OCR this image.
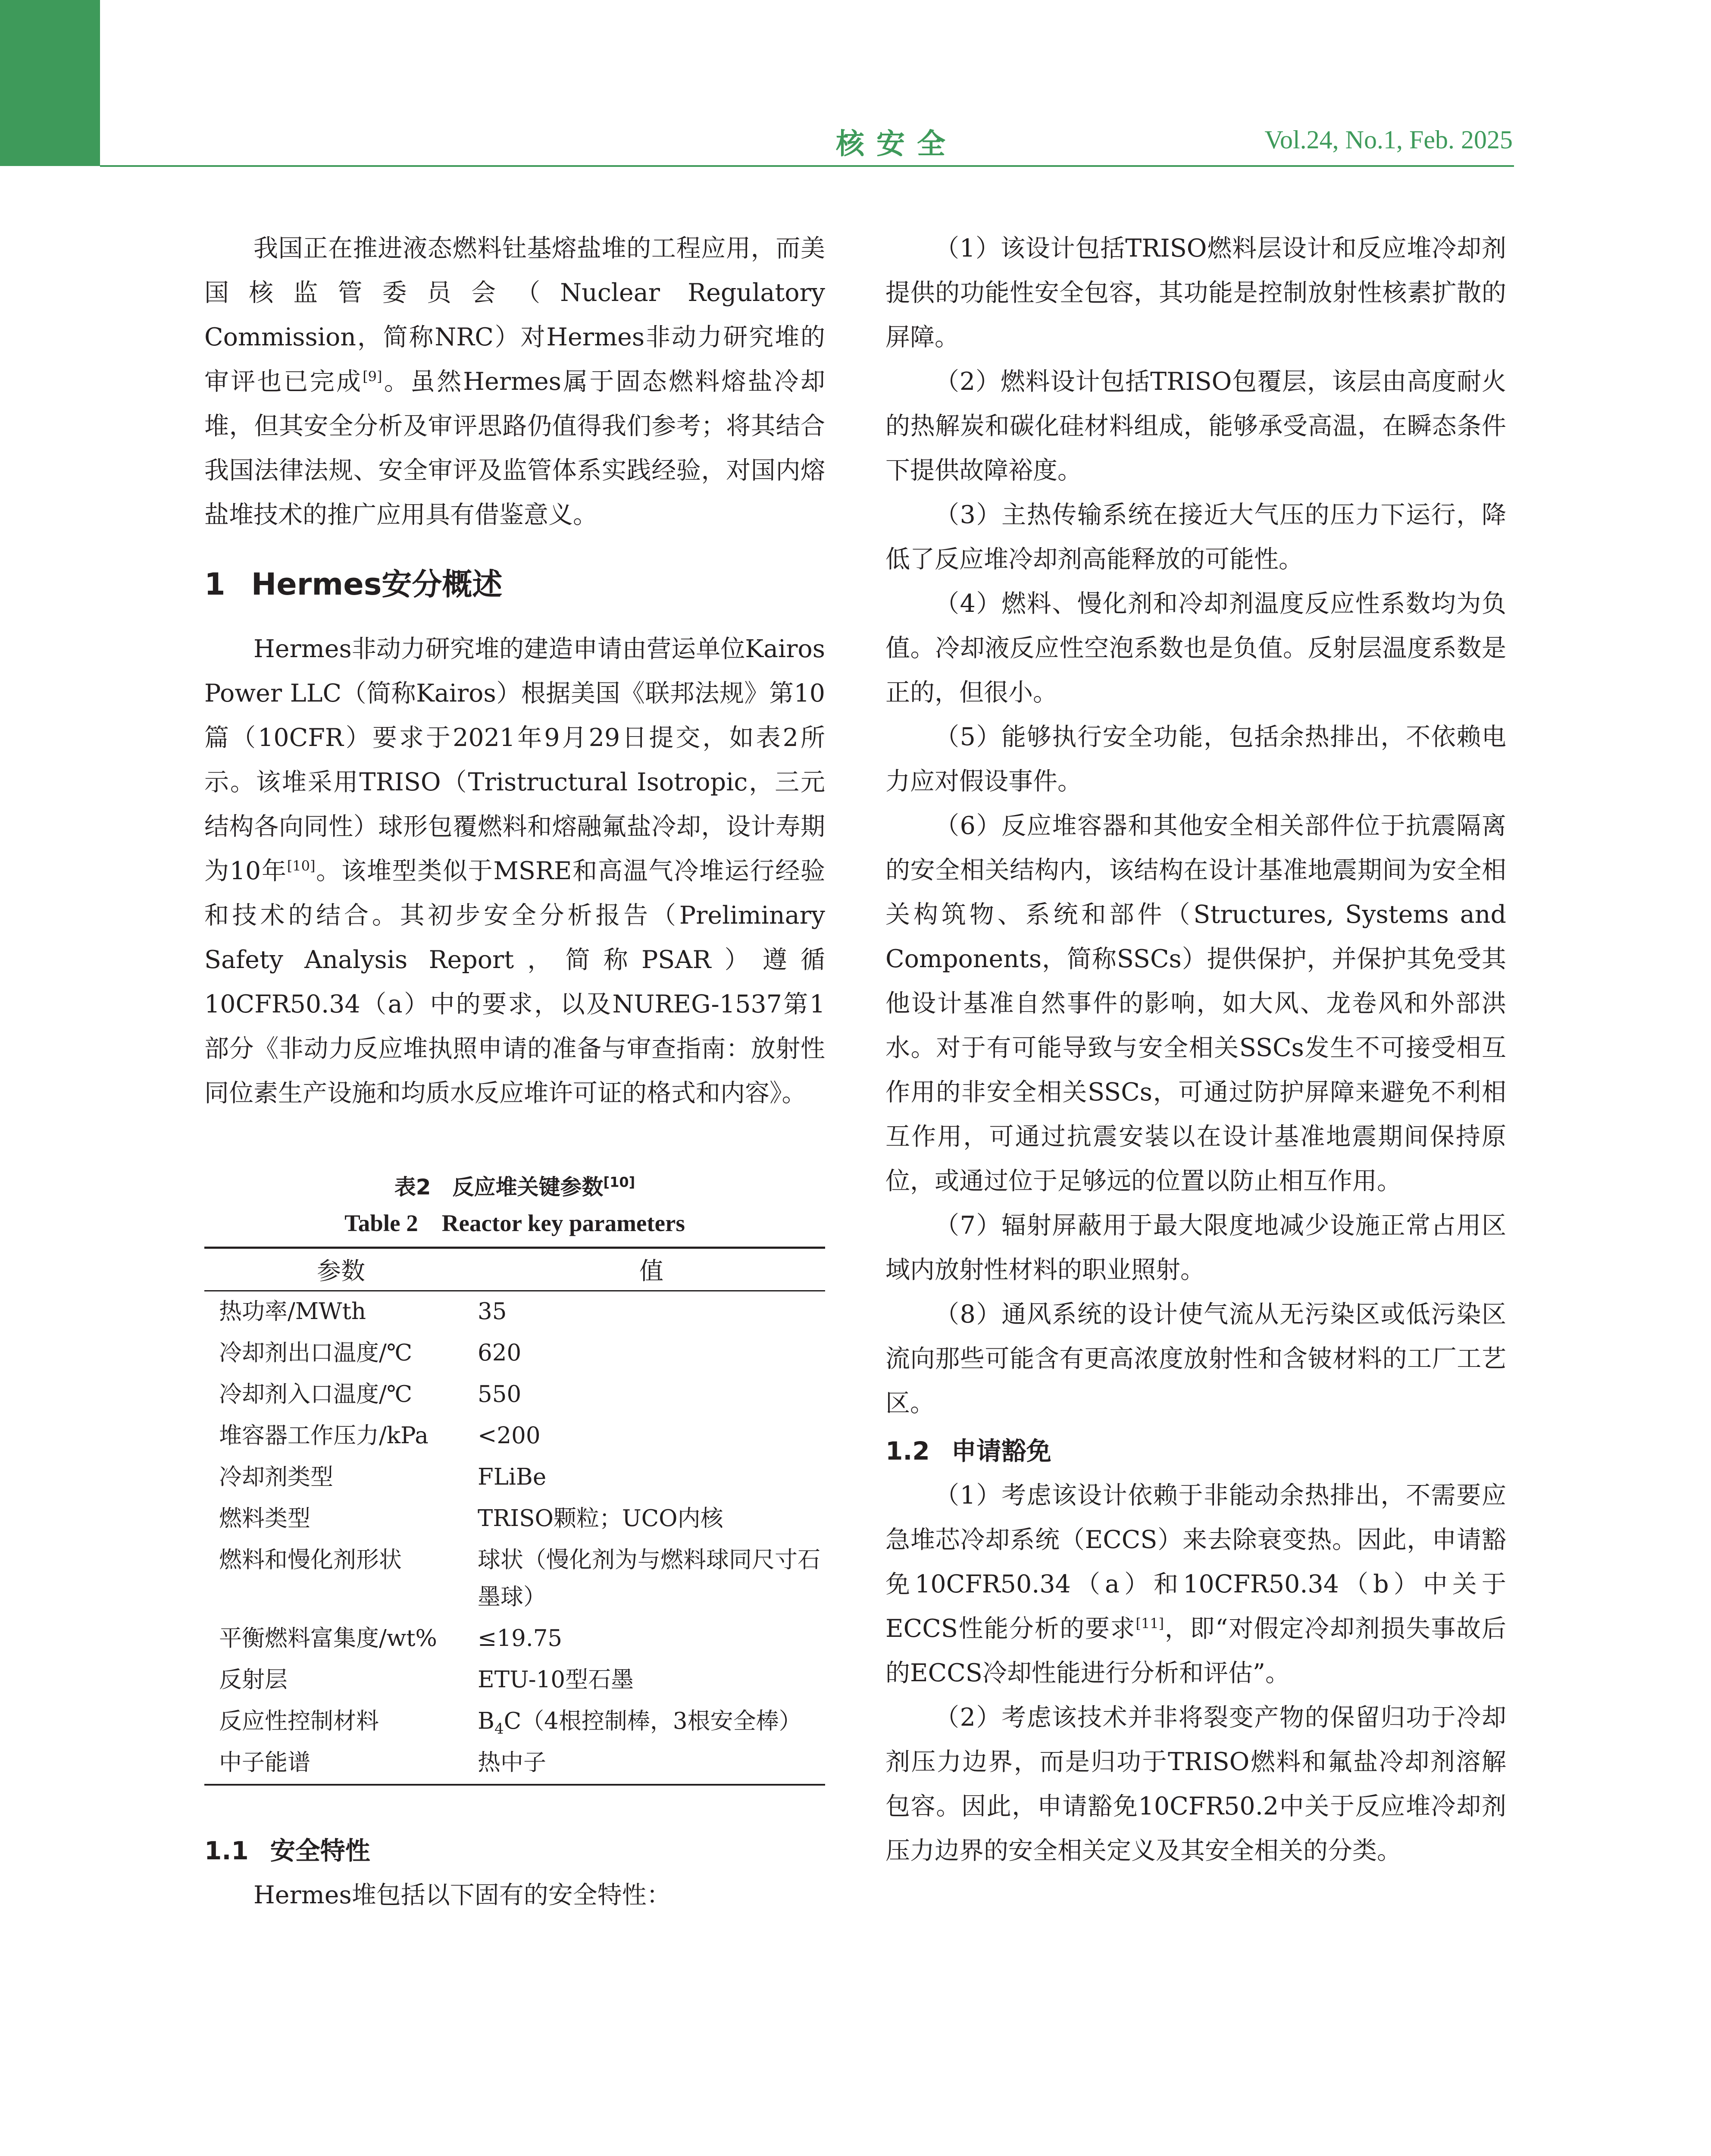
核安全	Vol.24, No.1, Feb. 2025

我国正在推进液态燃料钍基熔盐堆的工程应用，而美国核监管委员会（Nuclear Regulatory Commission，简称NRC）对Hermes非动力研究堆的审评也已完成[9]。虽然Hermes属于固态燃料熔盐冷却堆，但其安全分析及审评思路仍值得我们参考；将其结合我国法律法规、安全审评及监管体系实践经验，对国内熔盐堆技术的推广应用具有借鉴意义。

1 Hermes安分概述

Hermes非动力研究堆的建造申请由营运单位Kairos Power LLC（简称Kairos）根据美国《联邦法规》第10篇（10CFR）要求于2021年9月29日提交，如表2所示。该堆采用TRISO（Tristructural Isotropic，三元结构各向同性）球形包覆燃料和熔融氟盐冷却，设计寿期为10年[10]。该堆型类似于MSRE和高温气冷堆运行经验和技术的结合。其初步安全分析报告（Preliminary Safety Analysis Report，简称PSAR）遵循10CFR50.34（a）中的要求，以及NUREG-1537第1部分《非动力反应堆执照申请的准备与审查指南：放射性同位素生产设施和均质水反应堆许可证的格式和内容》。

表2　反应堆关键参数[10]
Table 2　Reactor key parameters
参数	值
热功率/MWth	35
冷却剂出口温度/℃	620
冷却剂入口温度/℃	550
堆容器工作压力/kPa	<200
冷却剂类型	FLiBe
燃料类型	TRISO颗粒；UCO内核
燃料和慢化剂形状	球状（慢化剂为与燃料球同尺寸石墨球）
平衡燃料富集度/wt%	≤19.75
反射层	ETU-10型石墨
反应性控制材料	$B_4C(4$根控制棒，3根安全棒）
中子能谱	热中子
1.1 安全特性

Hermes堆包括以下固有的安全特性：

（1）该设计包括TRISO燃料层设计和反应堆冷却剂提供的功能性安全包容，其功能是控制放射性核素扩散的屏障。

（2）燃料设计包括TRISO包覆层，该层由高度耐火的热解炭和碳化硅材料组成，能够承受高温，在瞬态条件下提供故障裕度。

（3）主热传输系统在接近大气压的压力下运行，降低了反应堆冷却剂高能释放的可能性。

（4）燃料、慢化剂和冷却剂温度反应性系数均为负值。冷却液反应性空泡系数也是负值。反射层温度系数是正的，但很小。

（5）能够执行安全功能，包括余热排出，不依赖电力应对假设事件。

（6）反应堆容器和其他安全相关部件位于抗震隔离的安全相关结构内，该结构在设计基准地震期间为安全相关构筑物、系统和部件（Structures, Systems and Components，简称SSCs）提供保护，并保护其免受其他设计基准自然事件的影响，如大风、龙卷风和外部洪水。对于有可能导致与安全相关SSCs发生不可接受相互作用的非安全相关SSCs，可通过防护屏障来避免不利相互作用，可通过抗震安装以在设计基准地震期间保持原位，或通过位于足够远的位置以防止相互作用。

（7）辐射屏蔽用于最大限度地减少设施正常占用区域内放射性材料的职业照射。

（8）通风系统的设计使气流从无污染区或低污染区流向那些可能含有更高浓度放射性和含铍材料的工厂工艺区。

1.2 申请豁免

（1）考虑该设计依赖于非能动余热排出，不需要应急堆芯冷却系统（ECCS）来去除衰变热。因此，申请豁免10CFR50.34（a）和10CFR50.34（b）中关于ECCS性能分析的要求[11]，即“对假定冷却剂损失事故后的ECCS冷却性能进行分析和评估”。

（2）考虑该技术并非将裂变产物的保留归功于冷却剂压力边界，而是归功于TRISO燃料和氟盐冷却剂溶解包容。因此，申请豁免10CFR50.2中关于反应堆冷却剂压力边界的安全相关定义及其安全相关的分类。
